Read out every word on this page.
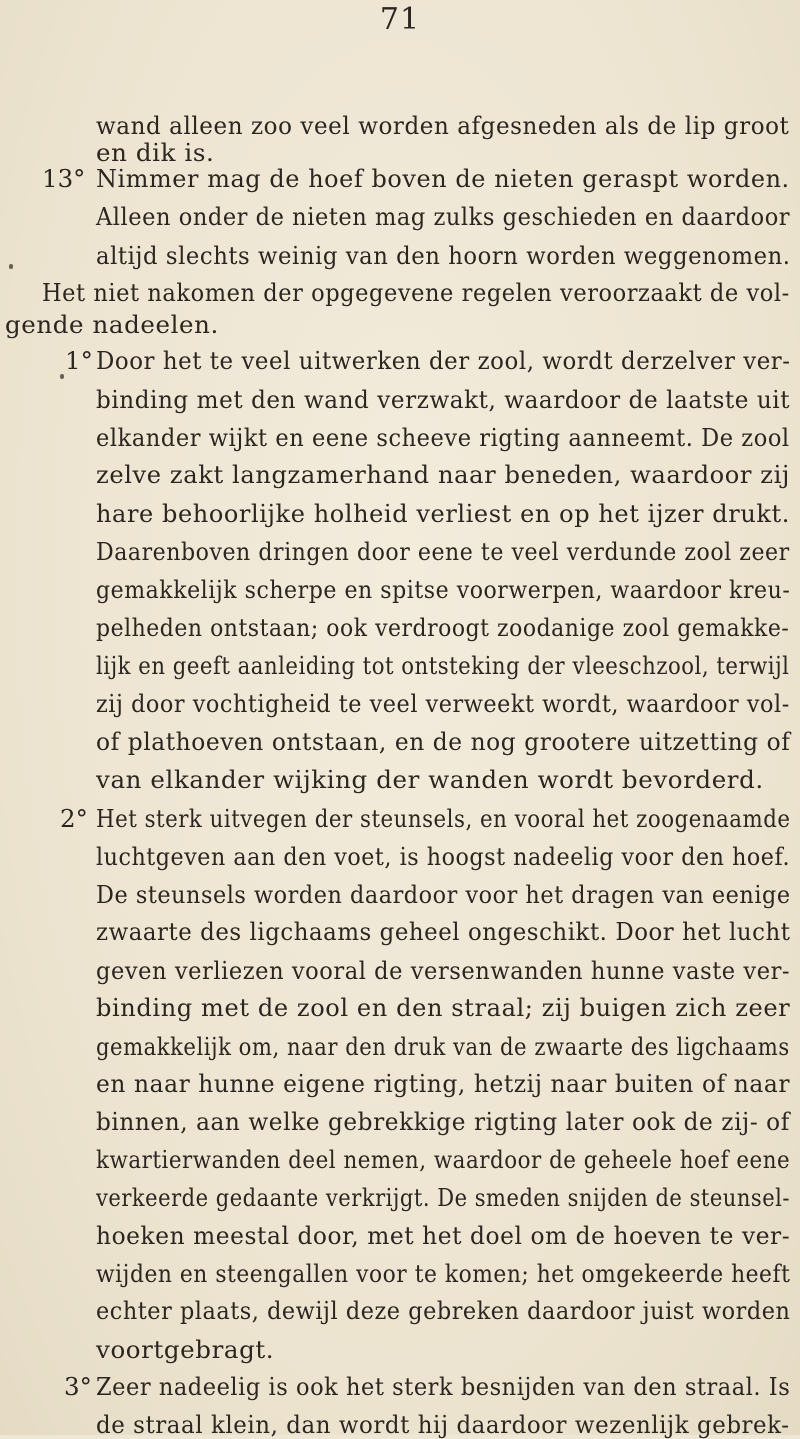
71
13°
1°
2°
3°
wand alleen zoo veel worden afgesneden als de lip groot
en dik is.
Nimmer mag de hoef boven de nieten geraspt worden.
Alleen onder de nieten mag zulks geschieden en daardoor
altijd slechts weinig van den hoorn worden weggenomen.
Het niet nakomen der opgegevene regelen veroorzaakt de vol-
gende nadeelen.
Door het te veel uitwerken der zool, wordt derzelver ver-
binding met den wand verzwakt, waardoor de laatste uit
elkander wijkt en eene scheeve rigting aanneemt. De zool
zelve zakt langzamerhand naar beneden, waardoor zij
hare behoorlijke holheid verliest en op het ijzer drukt.
Daarenboven dringen door eene te veel verdunde zool zeer
gemakkelijk scherpe en spitse voorwerpen, waardoor kreu-
pelheden ontstaan; ook verdroogt zoodanige zool gemakke-
lijk en geeft aanleiding tot ontsteking der vleeschzool, terwijl
zij door vochtigheid te veel verweekt wordt, waardoor vol-
of plathoeven ontstaan, en de nog grootere uitzetting of
van elkander wijking der wanden wordt bevorderd.
Het sterk uitvegen der steunsels, en vooral het zoogenaamde
luchtgeven aan den voet, is hoogst nadeelig voor den hoef.
De steunsels worden daardoor voor het dragen van eenige
zwaarte des ligchaams geheel ongeschikt. Door het lucht
geven verliezen vooral de versenwanden hunne vaste ver-
binding met de zool en den straal; zij buigen zich zeer
gemakkelijk om, naar den druk van de zwaarte des ligchaams
en naar hunne eigene rigting, hetzij naar buiten of naar
binnen, aan welke gebrekkige rigting later ook de zij- of
kwartierwanden deel nemen, waardoor de geheele hoef eene
verkeerde gedaante verkrijgt. De smeden snijden de steunsel-
hoeken meestal door, met het doel om de hoeven te ver-
wijden en steengallen voor te komen; het omgekeerde heeft
echter plaats, dewijl deze gebreken daardoor juist worden
voortgebragt.
Zeer nadeelig is ook het sterk besnijden van den straal. Is
de straal klein, dan wordt hij daardoor wezenlijk gebrek-
